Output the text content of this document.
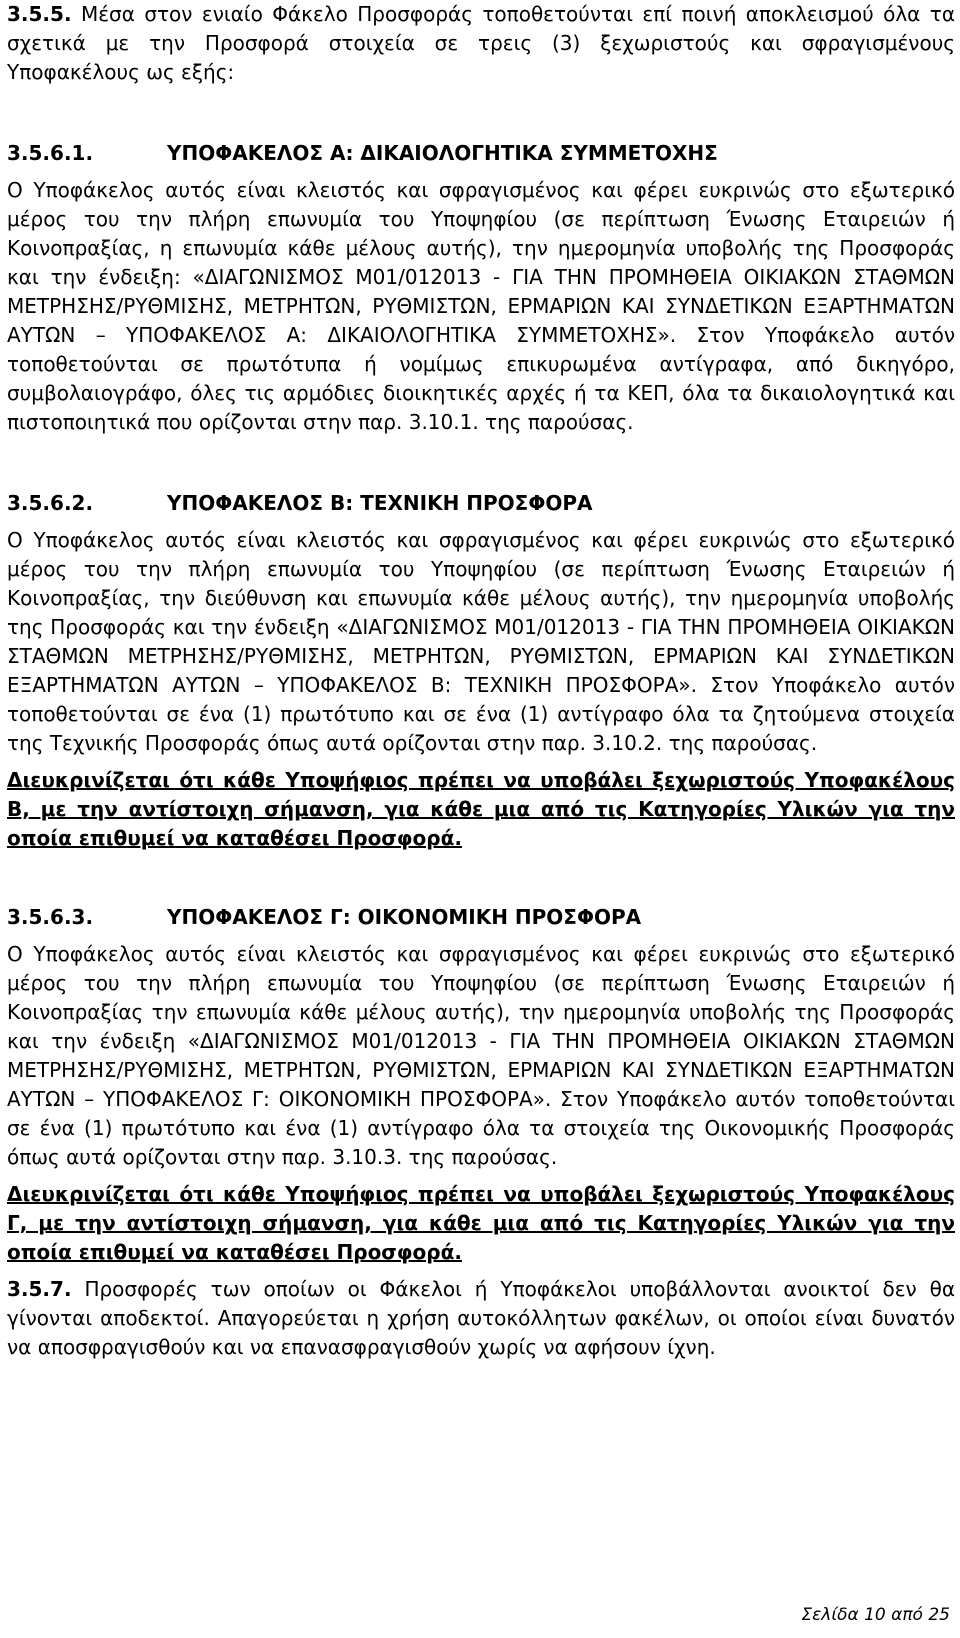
3.5.5. Μέσα στον ενιαίο Φάκελο Προσφοράς τοποθετούνται επί ποινή αποκλεισμού όλα τα σχετικά με την Προσφορά στοιχεία σε τρεις (3) ξεχωριστούς και σφραγισμένους Υποφακέλους ως εξής:

3.5.6.1.	ΥΠΟΦΑΚΕΛΟΣ Α: ΔΙΚΑΙΟΛΟΓΗΤΙΚΑ ΣΥΜΜΕΤΟΧΗΣ

Ο Υποφάκελος αυτός είναι κλειστός και σφραγισμένος και φέρει ευκρινώς στο εξωτερικό μέρος του την πλήρη επωνυμία του Υποψηφίου (σε περίπτωση Ένωσης Εταιρειών ή Κοινοπραξίας, η επωνυμία κάθε μέλους αυτής), την ημερομηνία υποβολής της Προσφοράς και την ένδειξη: «ΔΙΑΓΩΝΙΣΜΟΣ Μ01/012013 - ΓΙΑ ΤΗΝ ΠΡΟΜΗΘΕΙΑ ΟΙΚΙΑΚΩΝ ΣΤΑΘΜΩΝ ΜΕΤΡΗΣΗΣ/ΡΥΘΜΙΣΗΣ, ΜΕΤΡΗΤΩΝ, ΡΥΘΜΙΣΤΩΝ, ΕΡΜΑΡΙΩΝ ΚΑΙ ΣΥΝΔΕΤΙΚΩΝ ΕΞΑΡΤΗΜΑΤΩΝ ΑΥΤΩΝ – ΥΠΟΦΑΚΕΛΟΣ Α: ΔΙΚΑΙΟΛΟΓΗΤΙΚΑ ΣΥΜΜΕΤΟΧΗΣ». Στον Υποφάκελο αυτόν τοποθετούνται σε πρωτότυπα ή νομίμως επικυρωμένα αντίγραφα, από δικηγόρο, συμβολαιογράφο, όλες τις αρμόδιες διοικητικές αρχές ή τα ΚΕΠ, όλα τα δικαιολογητικά και πιστοποιητικά που ορίζονται στην παρ. 3.10.1. της παρούσας.

3.5.6.2.	ΥΠΟΦΑΚΕΛΟΣ Β: ΤΕΧΝΙΚΗ ΠΡΟΣΦΟΡΑ

Ο Υποφάκελος αυτός είναι κλειστός και σφραγισμένος και φέρει ευκρινώς στο εξωτερικό μέρος του την πλήρη επωνυμία του Υποψηφίου (σε περίπτωση Ένωσης Εταιρειών ή Κοινοπραξίας, την διεύθυνση και επωνυμία κάθε μέλους αυτής), την ημερομηνία υποβολής της Προσφοράς και την ένδειξη «ΔΙΑΓΩΝΙΣΜΟΣ Μ01/012013 - ΓΙΑ ΤΗΝ ΠΡΟΜΗΘΕΙΑ ΟΙΚΙΑΚΩΝ ΣΤΑΘΜΩΝ ΜΕΤΡΗΣΗΣ/ΡΥΘΜΙΣΗΣ, ΜΕΤΡΗΤΩΝ, ΡΥΘΜΙΣΤΩΝ, ΕΡΜΑΡΙΩΝ ΚΑΙ ΣΥΝΔΕΤΙΚΩΝ ΕΞΑΡΤΗΜΑΤΩΝ ΑΥΤΩΝ – ΥΠΟΦΑΚΕΛΟΣ Β: ΤΕΧΝΙΚΗ ΠΡΟΣΦΟΡΑ». Στον Υποφάκελο αυτόν τοποθετούνται σε ένα (1) πρωτότυπο και σε ένα (1) αντίγραφο όλα τα ζητούμενα στοιχεία της Τεχνικής Προσφοράς όπως αυτά ορίζονται στην παρ. 3.10.2. της παρούσας.

Διευκρινίζεται ότι κάθε Υποψήφιος πρέπει να υποβάλει ξεχωριστούς Υποφακέλους Β, με την αντίστοιχη σήμανση, για κάθε μια από τις Κατηγορίες Υλικών για την οποία επιθυμεί να καταθέσει Προσφορά.

3.5.6.3.	ΥΠΟΦΑΚΕΛΟΣ Γ: ΟΙΚΟΝΟΜΙΚΗ ΠΡΟΣΦΟΡΑ

Ο Υποφάκελος αυτός είναι κλειστός και σφραγισμένος και φέρει ευκρινώς στο εξωτερικό μέρος του την πλήρη επωνυμία του Υποψηφίου (σε περίπτωση Ένωσης Εταιρειών ή Κοινοπραξίας την επωνυμία κάθε μέλους αυτής), την ημερομηνία υποβολής της Προσφοράς και την ένδειξη «ΔΙΑΓΩΝΙΣΜΟΣ Μ01/012013 - ΓΙΑ ΤΗΝ ΠΡΟΜΗΘΕΙΑ ΟΙΚΙΑΚΩΝ ΣΤΑΘΜΩΝ ΜΕΤΡΗΣΗΣ/ΡΥΘΜΙΣΗΣ, ΜΕΤΡΗΤΩΝ, ΡΥΘΜΙΣΤΩΝ, ΕΡΜΑΡΙΩΝ ΚΑΙ ΣΥΝΔΕΤΙΚΩΝ ΕΞΑΡΤΗΜΑΤΩΝ ΑΥΤΩΝ – ΥΠΟΦΑΚΕΛΟΣ Γ: ΟΙΚΟΝΟΜΙΚΗ ΠΡΟΣΦΟΡΑ». Στον Υποφάκελο αυτόν τοποθετούνται σε ένα (1) πρωτότυπο και ένα (1) αντίγραφο όλα τα στοιχεία της Οικονομικής Προσφοράς όπως αυτά ορίζονται στην παρ. 3.10.3. της παρούσας.

Διευκρινίζεται ότι κάθε Υποψήφιος πρέπει να υποβάλει ξεχωριστούς Υποφακέλους Γ, με την αντίστοιχη σήμανση, για κάθε μια από τις Κατηγορίες Υλικών για την οποία επιθυμεί να καταθέσει Προσφορά.

3.5.7. Προσφορές των οποίων οι Φάκελοι ή Υποφάκελοι υποβάλλονται ανοικτοί δεν θα γίνονται αποδεκτοί. Απαγορεύεται η χρήση αυτοκόλλητων φακέλων, οι οποίοι είναι δυνατόν να αποσφραγισθούν και να επανασφραγισθούν χωρίς να αφήσουν ίχνη.

Σελίδα 10 από 25
